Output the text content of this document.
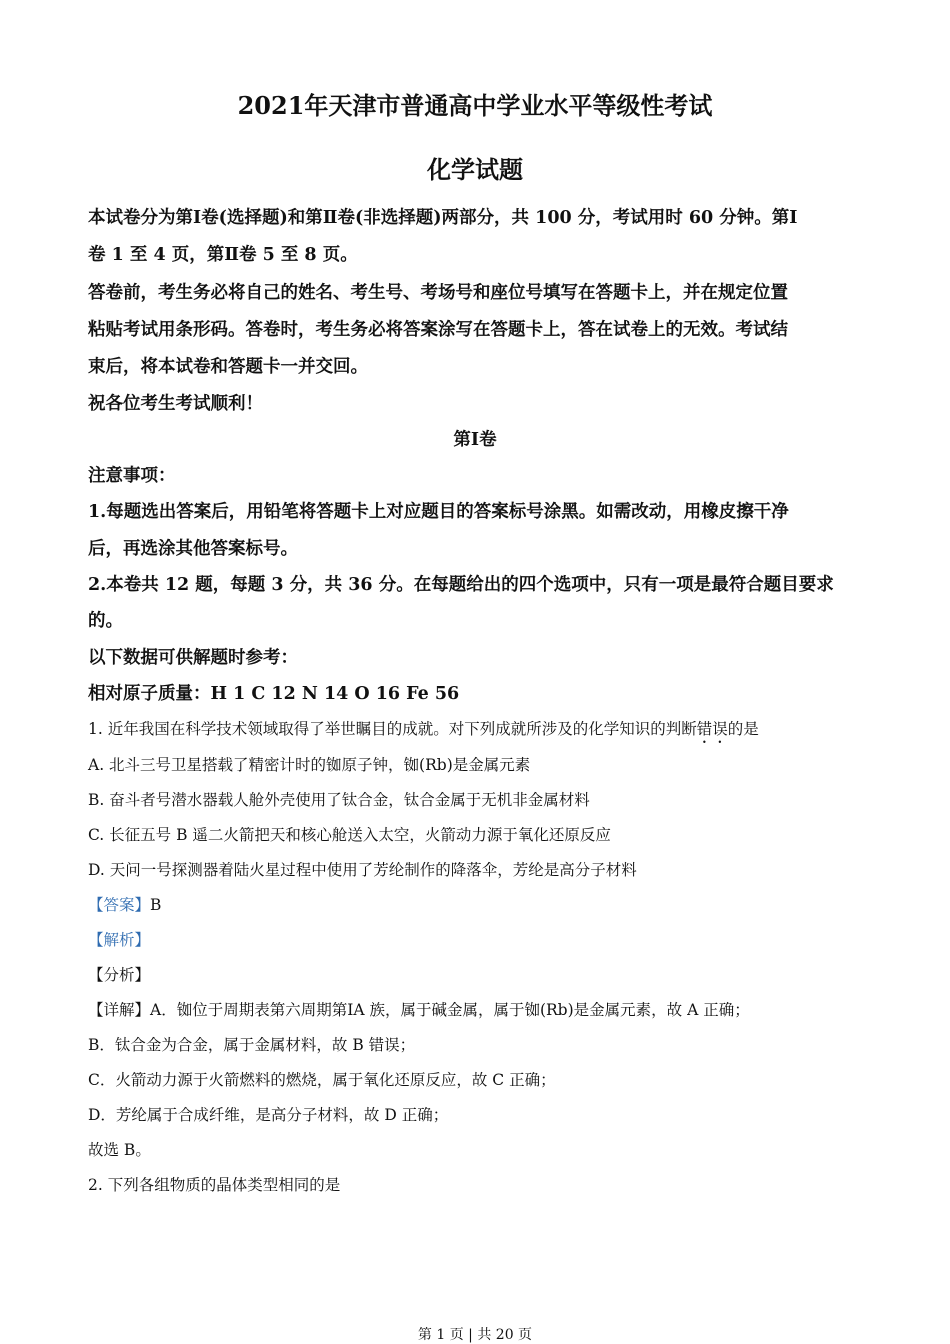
2021年天津市普通高中学业水平等级性考试
化学试题
本试卷分为第Ⅰ卷(选择题)和第Ⅱ卷(非选择题)两部分，共 100 分，考试用时 60 分钟。第Ⅰ
卷 1 至 4 页，第Ⅱ卷 5 至 8 页。
答卷前，考生务必将自己的姓名、考生号、考场号和座位号填写在答题卡上，并在规定位置
粘贴考试用条形码。答卷时，考生务必将答案涂写在答题卡上，答在试卷上的无效。考试结
束后，将本试卷和答题卡一并交回。
祝各位考生考试顺利！
第Ⅰ卷
注意事项：
1.每题选出答案后，用铅笔将答题卡上对应题目的答案标号涂黑。如需改动，用橡皮擦干净
后，再选涂其他答案标号。
2.本卷共 12 题，每题 3 分，共 36 分。在每题给出的四个选项中，只有一项是最符合题目要求
的。
以下数据可供解题时参考：
相对原子质量：H 1 C 12 N 14 O 16 Fe 56
1. 近年我国在科学技术领域取得了举世瞩目的成就。对下列成就所涉及的化学知识的判断错误的是
A. 北斗三号卫星搭载了精密计时的铷原子钟，铷(Rb)是金属元素
B. 奋斗者号潜水器载人舱外壳使用了钛合金，钛合金属于无机非金属材料
C. 长征五号 B 遥二火箭把天和核心舱送入太空，火箭动力源于氧化还原反应
D. 天问一号探测器着陆火星过程中使用了芳纶制作的降落伞，芳纶是高分子材料
【答案】B
【解析】
【分析】
【详解】A．铷位于周期表第六周期第ⅠA 族，属于碱金属，属于铷(Rb)是金属元素，故 A 正确；
B．钛合金为合金，属于金属材料，故 B 错误；
C．火箭动力源于火箭燃料的燃烧，属于氧化还原反应，故 C 正确；
D．芳纶属于合成纤维，是高分子材料，故 D 正确；
故选 B。
2. 下列各组物质的晶体类型相同的是
第 1 页 | 共 20 页
